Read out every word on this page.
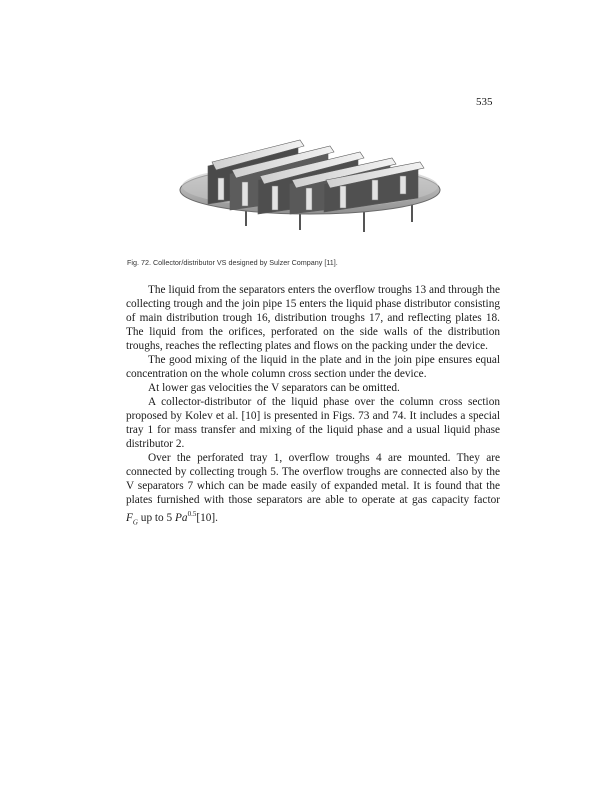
535
Fig. 72. Collector/distributor VS designed by Sulzer Company [11].

The liquid from the separators enters the overflow troughs 13 and through the collecting trough and the join pipe 15 enters the liquid phase distributor consisting of main distribution trough 16, distribution troughs 17, and reflecting plates 18. The liquid from the orifices, perforated on the side walls of the distribution troughs, reaches the reflecting plates and flows on the packing under the device.

The good mixing of the liquid in the plate and in the join pipe ensures equal concentration on the whole column cross section under the device.

At lower gas velocities the V separators can be omitted.

A collector-distributor of the liquid phase over the column cross section proposed by Kolev et al. [10] is presented in Figs. 73 and 74. It includes a special tray 1 for mass transfer and mixing of the liquid phase and a usual liquid phase distributor 2.

Over the perforated tray 1, overflow troughs 4 are mounted. They are connected by collecting trough 5. The overflow troughs are connected also by the V separators 7 which can be made easily of expanded metal. It is found that the plates furnished with those separators are able to operate at gas capacity factor $F_G$ up to 5 $Pa^{0.5}[10]$.
